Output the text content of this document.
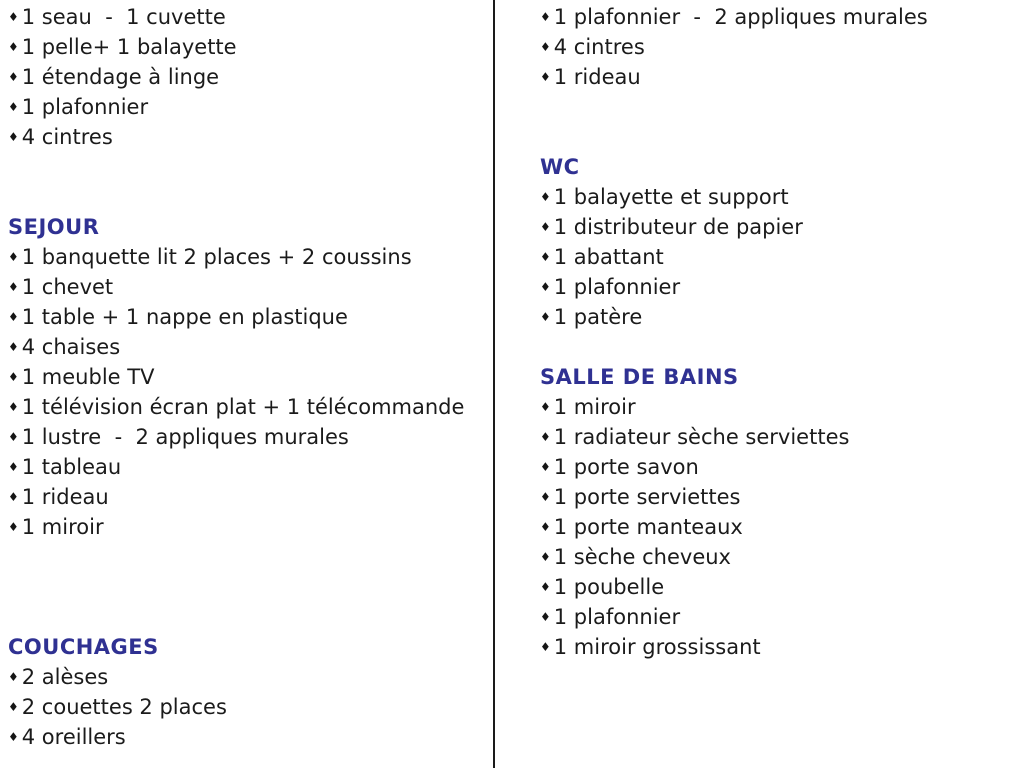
♦ 1 seau  -  1 cuvette
♦ 1 pelle+ 1 balayette
♦ 1 étendage à linge
♦ 1 plafonnier
♦ 4 cintres
SEJOUR
♦ 1 banquette lit 2 places + 2 coussins
♦ 1 chevet
♦ 1 table + 1 nappe en plastique
♦ 4 chaises
♦ 1 meuble TV
♦ 1 télévision écran plat + 1 télécommande
♦ 1 lustre  -  2 appliques murales
♦ 1 tableau
♦ 1 rideau
♦ 1 miroir
COUCHAGES
♦ 2 alèses
♦ 2 couettes 2 places
♦ 4 oreillers
♦ 1 plafonnier  -  2 appliques murales
♦ 4 cintres
♦ 1 rideau
WC
♦ 1 balayette et support
♦ 1 distributeur de papier
♦ 1 abattant
♦ 1 plafonnier
♦ 1 patère
SALLE DE BAINS
♦ 1 miroir
♦ 1 radiateur sèche serviettes
♦ 1 porte savon
♦ 1 porte serviettes
♦ 1 porte manteaux
♦ 1 sèche cheveux
♦ 1 poubelle
♦ 1 plafonnier
♦ 1 miroir grossissant
